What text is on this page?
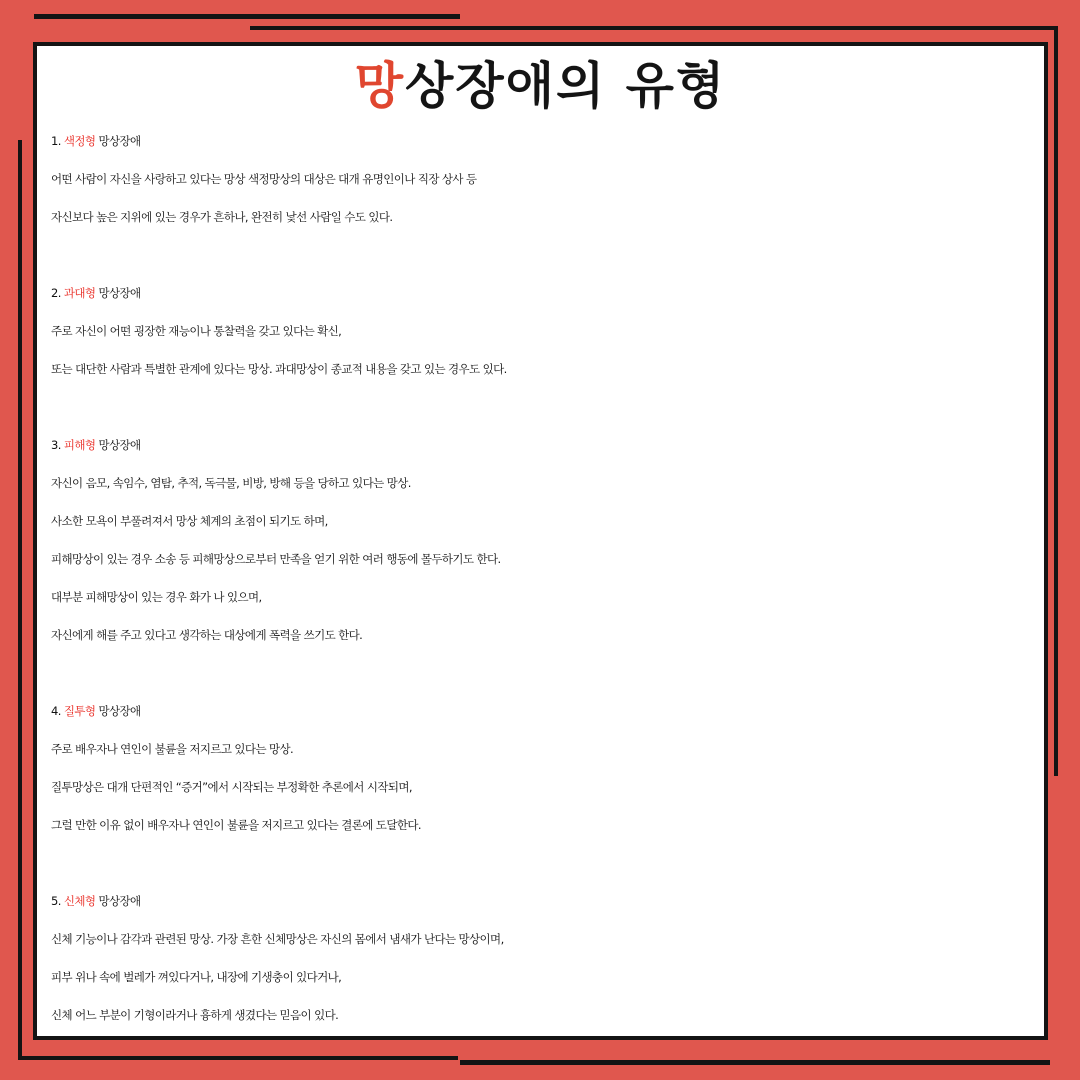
망상장애의 유형
1. 색정형 망상장애
어떤 사람이 자신을 사랑하고 있다는 망상 색정망상의 대상은 대개 유명인이나 직장 상사 등
자신보다 높은 지위에 있는 경우가 흔하나, 완전히 낯선 사람일 수도 있다.
2. 과대형 망상장애
주로 자신이 어떤 굉장한 재능이나 통찰력을 갖고 있다는 확신,
또는 대단한 사람과 특별한 관계에 있다는 망상. 과대망상이 종교적 내용을 갖고 있는 경우도 있다.
3. 피해형 망상장애
자신이 음모, 속임수, 염탐, 추적, 독극물, 비방, 방해 등을 당하고 있다는 망상.
사소한 모욕이 부풀려져서 망상 체계의 초점이 되기도 하며,
피해망상이 있는 경우 소송 등 피해망상으로부터 만족을 얻기 위한 여러 행동에 몰두하기도 한다.
대부분 피해망상이 있는 경우 화가 나 있으며,
자신에게 해를 주고 있다고 생각하는 대상에게 폭력을 쓰기도 한다.
4. 질투형 망상장애
주로 배우자나 연인이 불륜을 저지르고 있다는 망상.
질투망상은 대개 단편적인 “증거”에서 시작되는 부정확한 추론에서 시작되며,
그럴 만한 이유 없이 배우자나 연인이 불륜을 저지르고 있다는 결론에 도달한다.
5. 신체형 망상장애
신체 기능이나 감각과 관련된 망상. 가장 흔한 신체망상은 자신의 몸에서 냄새가 난다는 망상이며,
피부 위나 속에 벌레가 껴있다거나, 내장에 기생충이 있다거나,
신체 어느 부분이 기형이라거나 흉하게 생겼다는 믿음이 있다.
